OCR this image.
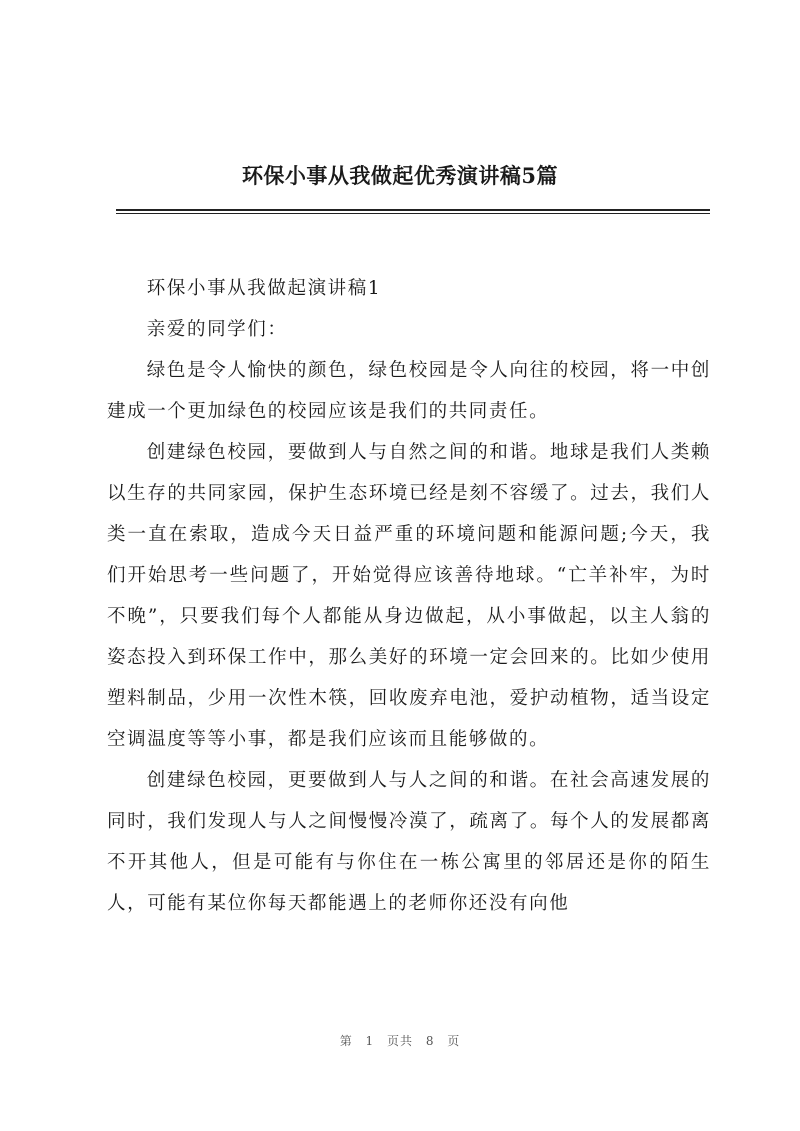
环保小事从我做起优秀演讲稿5篇

环保小事从我做起演讲稿1

亲爱的同学们：

绿色是令人愉快的颜色，绿色校园是令人向往的校园，将一中创建成一个更加绿色的校园应该是我们的共同责任。

创建绿色校园，要做到人与自然之间的和谐。地球是我们人类赖以生存的共同家园，保护生态环境已经是刻不容缓了。过去，我们人类一直在索取，造成今天日益严重的环境问题和能源问题;今天，我们开始思考一些问题了，开始觉得应该善待地球。“亡羊补牢，为时不晚”，只要我们每个人都能从身边做起，从小事做起，以主人翁的姿态投入到环保工作中，那么美好的环境一定会回来的。比如少使用塑料制品，少用一次性木筷，回收废弃电池，爱护动植物，适当设定空调温度等等小事，都是我们应该而且能够做的。

创建绿色校园，更要做到人与人之间的和谐。在社会高速发展的同时，我们发现人与人之间慢慢冷漠了，疏离了。每个人的发展都离不开其他人，但是可能有与你住在一栋公寓里的邻居还是你的陌生人，可能有某位你每天都能遇上的老师你还没有向他

第 1 页共 8 页
